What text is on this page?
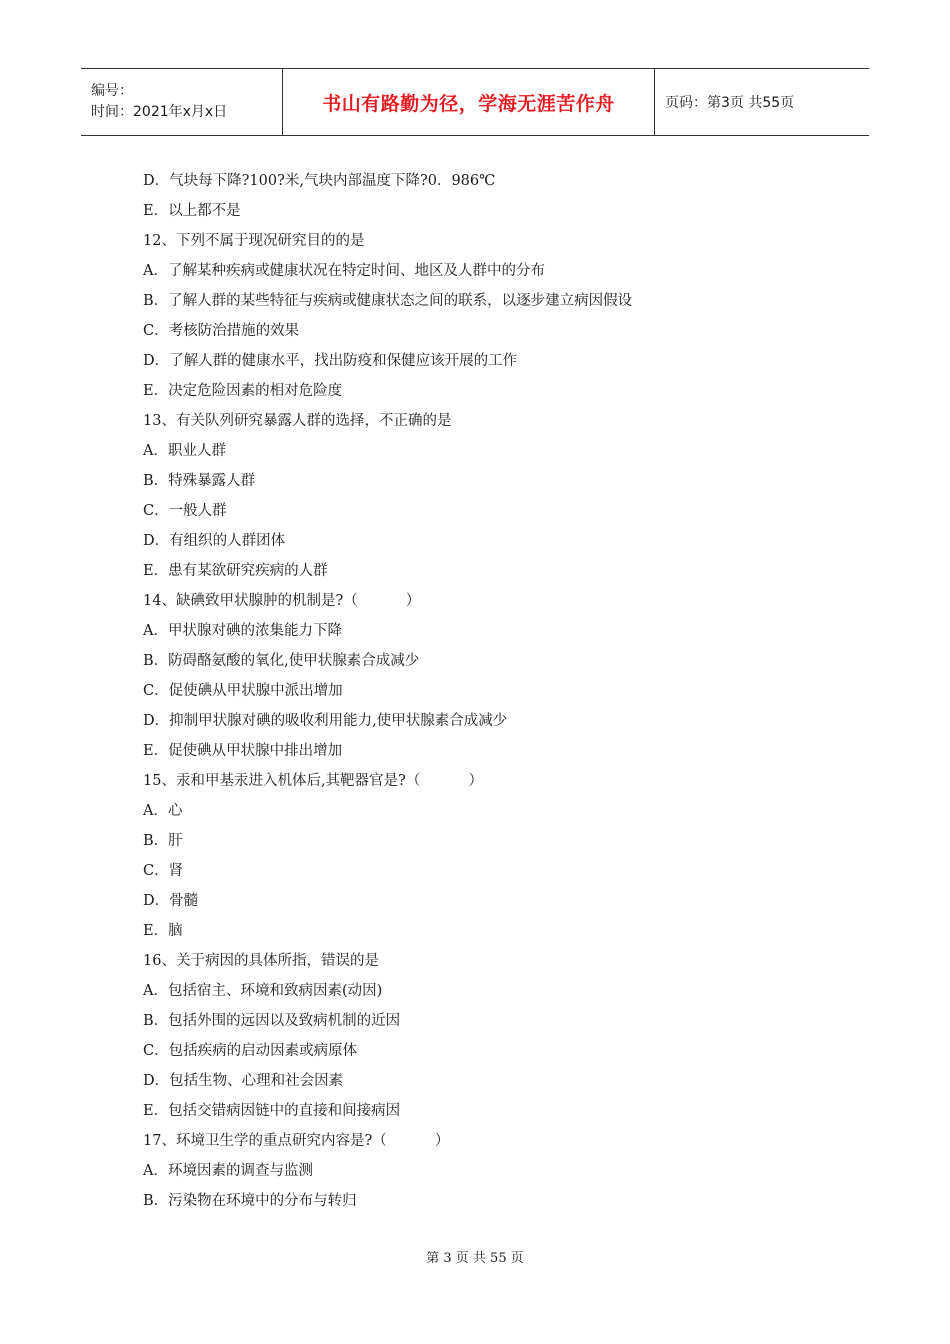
编号：
时间：2021年x月x日	书山有路勤为径，学海无涯苦作舟	页码：第3页 共55页
D．气块每下降?100?米,气块内部温度下降?0．986℃
E．以上都不是
12、下列不属于现况研究目的的是
A．了解某种疾病或健康状况在特定时间、地区及人群中的分布
B．了解人群的某些特征与疾病或健康状态之间的联系，以逐步建立病因假设
C．考核防治措施的效果
D．了解人群的健康水平，找出防疫和保健应该开展的工作
E．决定危险因素的相对危险度
13、有关队列研究暴露人群的选择，不正确的是
A．职业人群
B．特殊暴露人群
C．一般人群
D．有组织的人群团体
E．患有某欲研究疾病的人群
14、缺碘致甲状腺肿的机制是?（ 　　　）
A．甲状腺对碘的浓集能力下降
B．防碍酪氨酸的氧化,使甲状腺素合成减少
C．促使碘从甲状腺中派出增加
D．抑制甲状腺对碘的吸收利用能力,使甲状腺素合成减少
E．促使碘从甲状腺中排出增加
15、汞和甲基汞进入机体后,其靶器官是?（ 　　　）
A．心
B．肝
C．肾
D．骨髓
E．脑
16、关于病因的具体所指，错误的是
A．包括宿主、环境和致病因素(动因)
B．包括外围的远因以及致病机制的近因
C．包括疾病的启动因素或病原体
D．包括生物、心理和社会因素
E．包括交错病因链中的直接和间接病因
17、环境卫生学的重点研究内容是?（ 　　　）
A．环境因素的调查与监测
B．污染物在环境中的分布与转归
第 3 页 共 55 页
